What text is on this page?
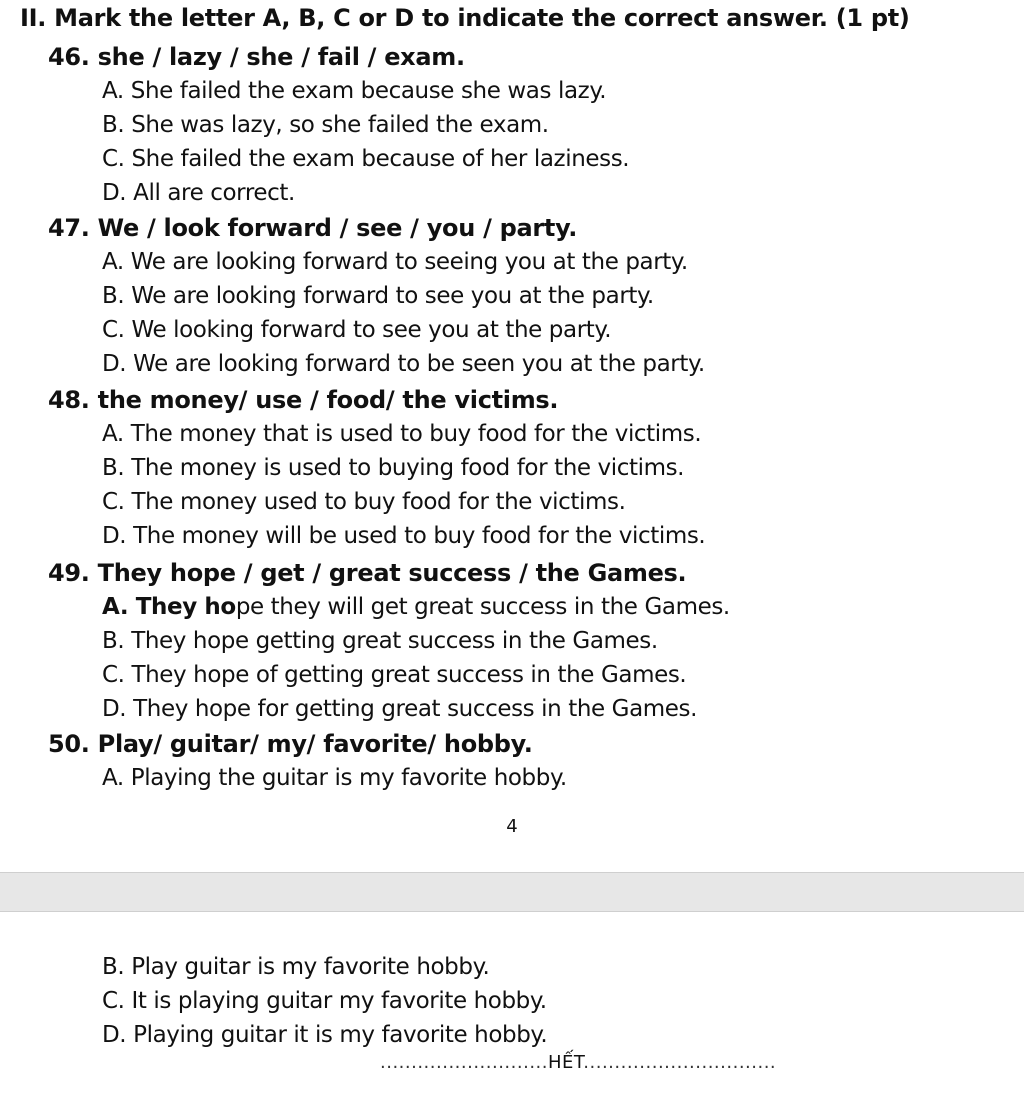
II. Mark the letter A, B, C or D to indicate the correct answer. (1 pt)
46. she / lazy / she / fail / exam.
A. She failed the exam because she was lazy.
B. She was lazy, so she failed the exam.
C. She failed the exam because of her laziness.
D. All are correct.
47. We / look forward / see / you / party.
A. We are looking forward to seeing you at the party.
B. We are looking forward to see you at the party.
C. We looking forward to see you at the party.
D. We are looking forward to be seen you at the party.
48. the money/ use / food/ the victims.
A. The money that is used to buy food for the victims.
B. The money is used to buying food for the victims.
C. The money used to buy food for the victims.
D. The money will be used to buy food for the victims.
49. They hope / get / great success / the Games.
A. They hope they will get great success in the Games.
B. They hope getting great success in the Games.
C. They hope of getting great success in the Games.
D. They hope for getting great success in the Games.
50. Play/ guitar/ my/ favorite/ hobby.
A. Playing the guitar is my favorite hobby.
4
B. Play guitar is my favorite hobby.
C. It is playing guitar my favorite hobby.
D. Playing guitar it is my favorite hobby.
...........................HẾT...............................
